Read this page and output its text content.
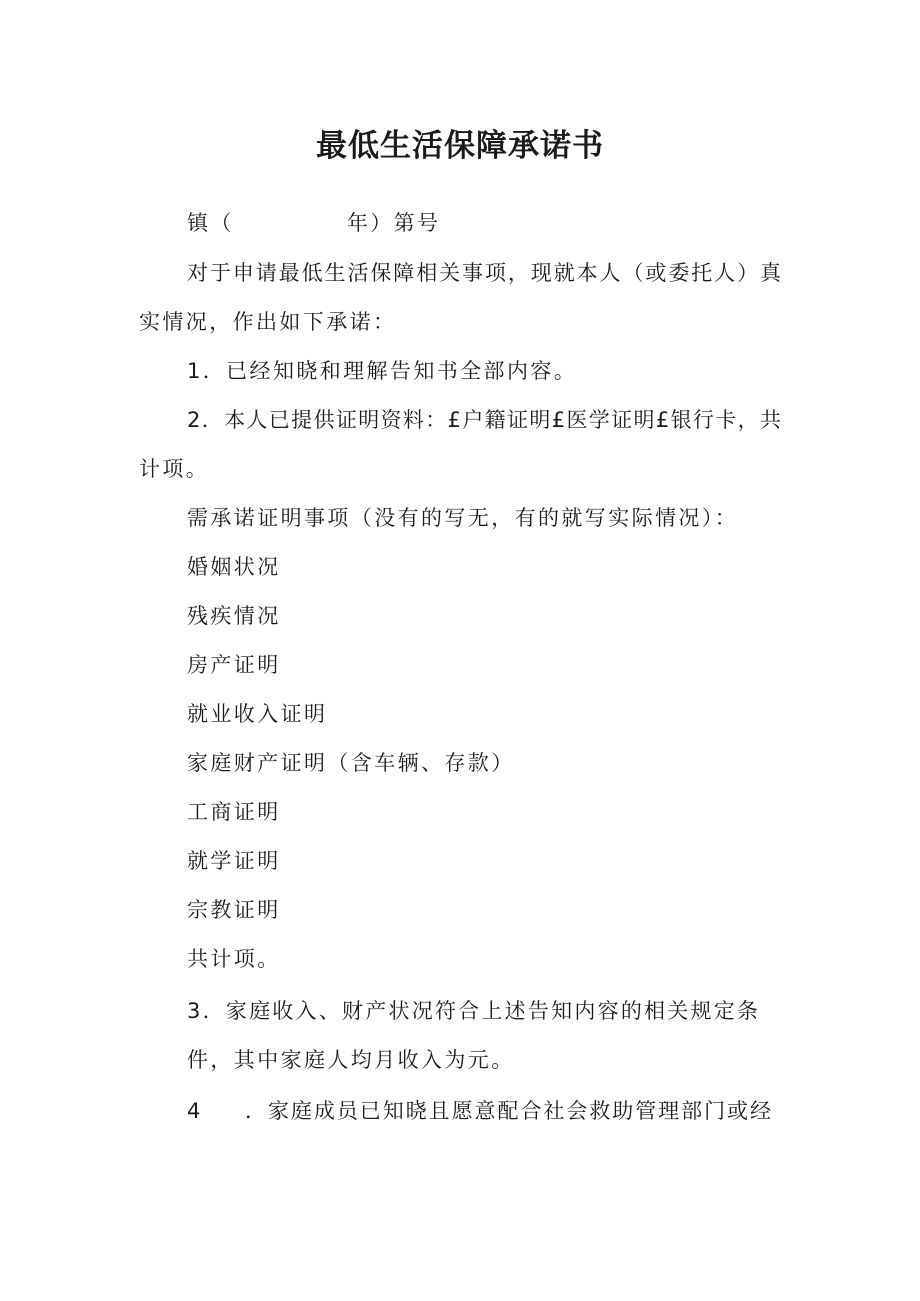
最低生活保障承诺书
镇（	年）第号
对于申请最低生活保障相关事项，现就本人（或委托人）真
实情况，作出如下承诺：
1．已经知晓和理解告知书全部内容。
2．本人已提供证明资料：£户籍证明£医学证明£银行卡，共
计项。
需承诺证明事项（没有的写无，有的就写实际情况）：
婚姻状况
残疾情况
房产证明
就业收入证明
家庭财产证明（含车辆、存款）
工商证明
就学证明
宗教证明
共计项。
3．家庭收入、财产状况符合上述告知内容的相关规定条
件，其中家庭人均月收入为元。
4 ．家庭成员已知晓且愿意配合社会救助管理部门或经
